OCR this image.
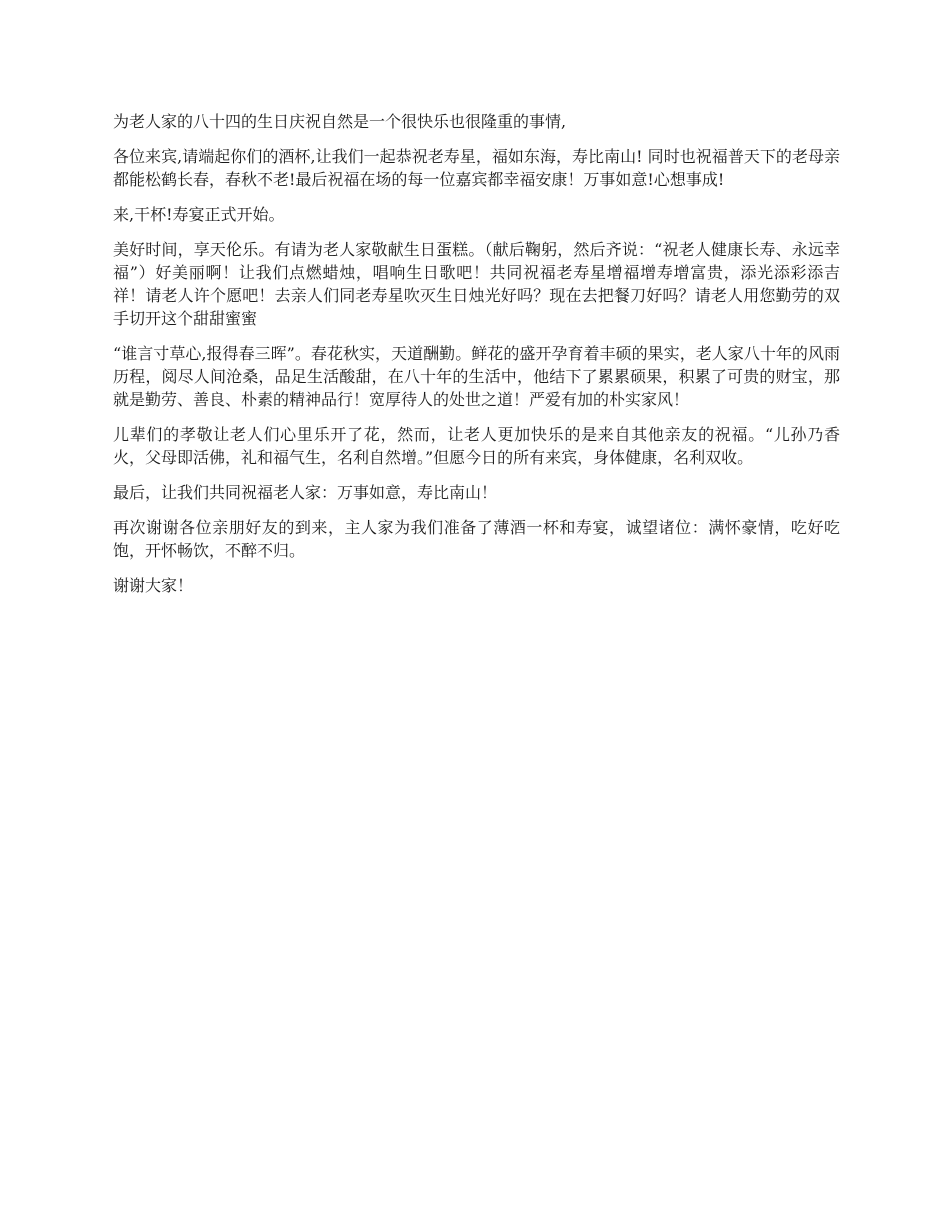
为老人家的八十四的生日庆祝自然是一个很快乐也很隆重的事情,

各位来宾,请端起你们的酒杯,让我们一起恭祝老寿星，福如东海，寿比南山! 同时也祝福普天下的老母亲都能松鹤长春，春秋不老!最后祝福在场的每一位嘉宾都幸福安康！万事如意!心想事成!

来,干杯!寿宴正式开始。

美好时间，享天伦乐。有请为老人家敬献生日蛋糕。（献后鞠躬，然后齐说：“祝老人健康长寿、永远幸福”）好美丽啊！让我们点燃蜡烛，唱响生日歌吧！共同祝福老寿星增福增寿增富贵，添光添彩添吉祥！请老人许个愿吧！去亲人们同老寿星吹灭生日烛光好吗？现在去把餐刀好吗？请老人用您勤劳的双手切开这个甜甜蜜蜜

“谁言寸草心,报得春三晖”。春花秋实，天道酬勤。鲜花的盛开孕育着丰硕的果实，老人家八十年的风雨历程，阅尽人间沧桑，品足生活酸甜，在八十年的生活中，他结下了累累硕果，积累了可贵的财宝，那就是勤劳、善良、朴素的精神品行！宽厚待人的处世之道！严爱有加的朴实家风！

儿辈们的孝敬让老人们心里乐开了花，然而，让老人更加快乐的是来自其他亲友的祝福。“儿孙乃香火，父母即活佛，礼和福气生，名利自然增。”但愿今日的所有来宾，身体健康，名利双收。

最后，让我们共同祝福老人家：万事如意，寿比南山！

再次谢谢各位亲朋好友的到来，主人家为我们准备了薄酒一杯和寿宴，诚望诸位：满怀豪情，吃好吃饱，开怀畅饮，不醉不归。

谢谢大家！
